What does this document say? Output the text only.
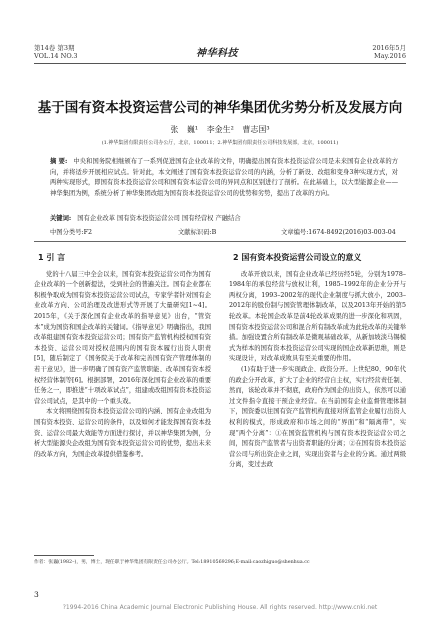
第14卷 第3期
VOL.14 NO.3	神华科技	2016年5月
May.2016
基于国有资本投资运营公司的神华集团优劣势分析及发展方向
张 巍¹ 李金生² 曹志国³
(1.神华集团有限责任公司办公厅，北京，100011；2.神华集团有限责任公司科技发展部，北京，100011)
摘 要: 中央和国务院相继颁布了一系列促进国有企业改革的文件，明确提出国有资本投资运营公司是未来国有企业改革的方向，并将适步开展相应试点。针对此，本文阐述了国有资本投资运营公司的内涵，分析了新设、改组和变身3种实现方式，对两种实现形式，即国有资本投资运营公司和国有资本运营公司的异同点和区别进行了剖析。在此基础上，以大型能源企业——神华集团为例，系统分析了神华集团改组为国有资本投资运营公司的优势和劣势，提出了改革的方向。
关键词: 国有企业改革 国有资本投资运营公司 国有经营权 产融结合
中图分类号:F2	文献标识码:B	文章编号:1674-8492(2016)03-003-04
1 引 言

党的十八届三中全会以来，国有资本投资运营公司作为国有企业改革的一个创新提法，受到社会的普遍关注。国有企业都在积极争取成为国有资本投资运营公司试点，专家学者针对国有企业改革方向、公司治理及改进形式等开展了大量研究[1~4]。2015年，《关于深化国有企业改革的指导意见》出台，“管资本”成为国资和国企改革的关键词。《指导意见》明确指出，我国改革组建国有资本投资运营公司；国有资产监管机构授权国有资本投资、运营公司对授权范围内的国有资本履行出资人职责[5]，随后制定了《国务院关于改革和完善国有资产管理体制的若干意见》，进一步明确了国有资产监管职能、改革国有资本授权经营体制等[6]。根据部署，2016年深化国有企业改革的重要任务之一，即推进“十项改革试点”，组建或改组国有资本投资运营公司试点，是其中的一个重头戏。

本文将围绕国有资本投资运营公司的内涵、国有企业改组为国有资本投资、运营公司的条件，以及如何才能发挥国有资本投资、运营公司最大效能等方面进行探讨，并以神华集团为例，分析大型能源央企改组为国有资本投资运营公司的优势，提出未来的改革方向，为国企改革提供借鉴参考。

2 国有资本投资运营公司设立的意义

改革开放以来，国有企业改革已经历经5轮，分别为1978–1984年的承包经营与放权让利，1985–1992年的企业分开与两权分离，1993–2002年的现代企业制度与抓大放小，2003–2012年的股份制与国资管理体制改革，以及2013年开始的第5轮改革。本轮国企改革是前4轮改革成果的进一步深化和巩固，国有资本投资运营公司和混合所有制改革成为此轮改革的关键举措。加强设置合所有制改革是微观基础改革，从新加坡淡马锡模式为样本的国有资本投资运营公司实现的国企改革新思维，则是实现设计，对改革成败具有至关重要的作用。

(1)有助于进一步实现政企、政资分开。上世纪80、90年代的政企分开改革，扩大了企业的经营自主权，实行经营责任制、然而，该轮改革并不彻底，政府作为国企的出资人，依然可以通过文件指令直接干预企业经营。在当前国有企业监督管理体制下，国资委以往国有资产监管机构直接对所监管企业履行出资人权利的模式，形成政府和市场之间的“界面”和“隔离带”，实现“两个分离”：①在国资监管机构与国有资本投资运营公司之间，国有资产监管者与出资者职能的分离；②在国有资本投资运营公司与所出资企业之间，实现出资者与企业的分离。通过两级分离，变过去政

作者：张巍(1982–)，男，博士，现任职于神华集团有限责任公司办公厅。Tel:18910569296;E-mail:caozhiguo@shenhua.cc
3
?1994-2016 China Academic Journal Electronic Publishing House. All rights reserved. http://www.cnki.net
